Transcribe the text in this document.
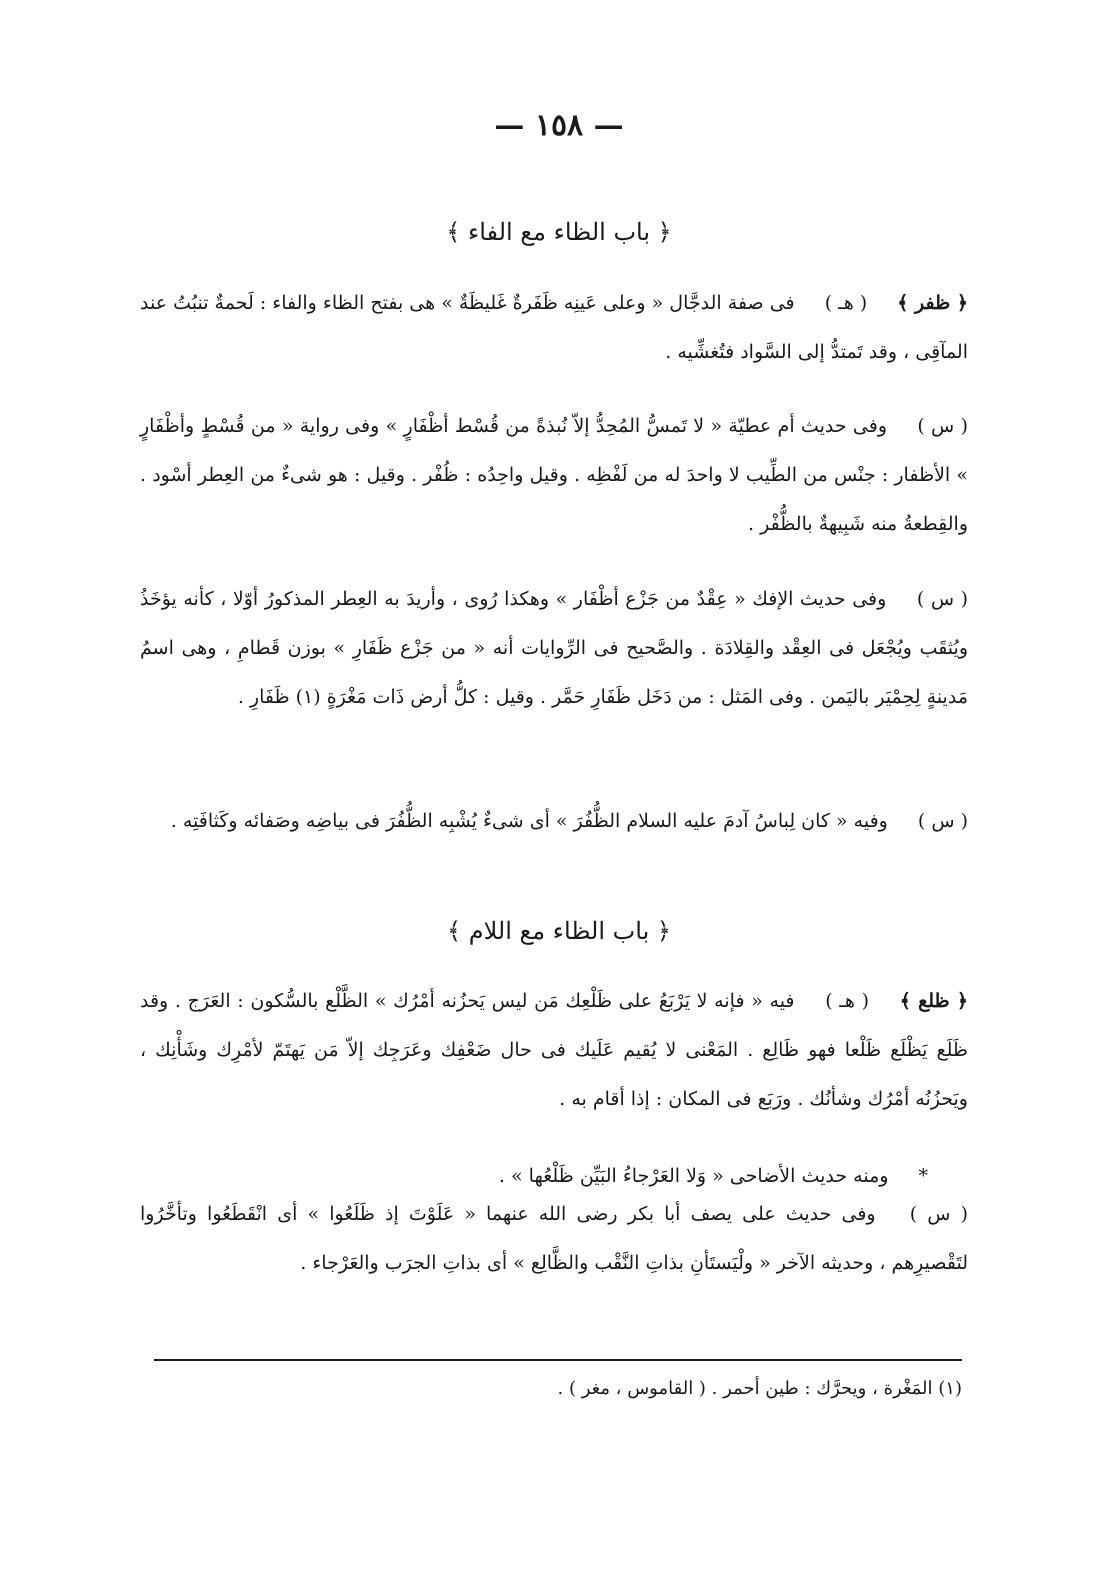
— ١٥٨ —
﴿ باب الظاء مع الفاء ﴾

﴿ ظفر ﴾ ( هـ ) فى صفة الدجَّال « وعلى عَينِه ظَفَرةٌ غَليظَةٌ » هى بفتح الظاء والفاء : لَحمةٌ تنبُتُ عند المآقِى ، وقد تَمتدُّ إلى السَّواد فتُغشِّيه .

( س ) وفى حديث أم عطيّة « لا تَمسُّ المُحِدُّ إلاّ نُبذةً من قُسْط أظْفَارٍ » وفى رواية « من قُسْطٍ وأظْفَارٍ » الأظفار : جنْس من الطِّيب لا واحدَ له من لَفْظِه . وقيل واحِدُه : ظُفْر . وقيل : هو شىءٌ من العِطر أسْود . والقِطعةُ منه شَبِيهةٌ بالظُّفْر .

( س ) وفى حديث الإفك « عِقْدٌ من جَزْع أظْفَار » وهكذا رُوى ، وأريدَ به العِطر المذكورُ أوّلا ، كأنه يؤخَذُ ويُثقَب ويُجْعَل فى العِقْد والقِلادَة . والصَّحيح فى الرِّوايات أنه « من جَزْع ظَفَارِ » بوزن قَطامِ ، وهى اسمُ مَدينةٍ لِحِمْيَر باليَمن . وفى المَثل : من دَخَل ظَفَارِ حَمَّر . وقيل : كلُّ أرض ذَات مَغْرَةٍ (١) ظَفَارِ .

( س ) وفيه « كان لِباسُ آدمَ عليه السلام الظُّفُرَ » أى شىءٌ يُشْبِه الظُّفُرَ فى بياضِه وصَفائه وكَثافَتِه .

﴿ باب الظاء مع اللام ﴾

﴿ ظلع ﴾ ( هـ ) فيه « فإنه لا يَرْبَعُ على ظَلْعِك مَن ليس يَحزُنه أمْرُك » الظَّلْع بالسُّكون : العَرَج . وقد ظَلَع يَظْلَع ظَلْعا فهو ظَالِع . المَعْنى لا يُقيم عَلَيك فى حال ضَعْفِك وعَرَجِك إلاّ مَن يَهتَمّ لأمْرِك وشَأْنِك ، ويَحزُنُه أمْرُك وشأنُك . ورَبَع فى المكان : إذا أقام به .

* ومنه حديث الأضاحى « وَلا العَرْجاءُ البَيِّن ظَلْعُها » .

( س ) وفى حديث على يصف أبا بكر رضى الله عنهما « عَلَوْتَ إذ ظَلَعُوا » أى انْقَطَعُوا وتأخَّرُوا لتَقْصيرِهم ، وحديثه الآخر « ولْيَستَأنِ بذاتِ النَّقْب والظَّالِع » أى بذاتِ الجرَب والعَرْجاء .

(١) المَغْرة ، ويحرَّك : طين أحمر . ( القاموس ، مغر ) .
